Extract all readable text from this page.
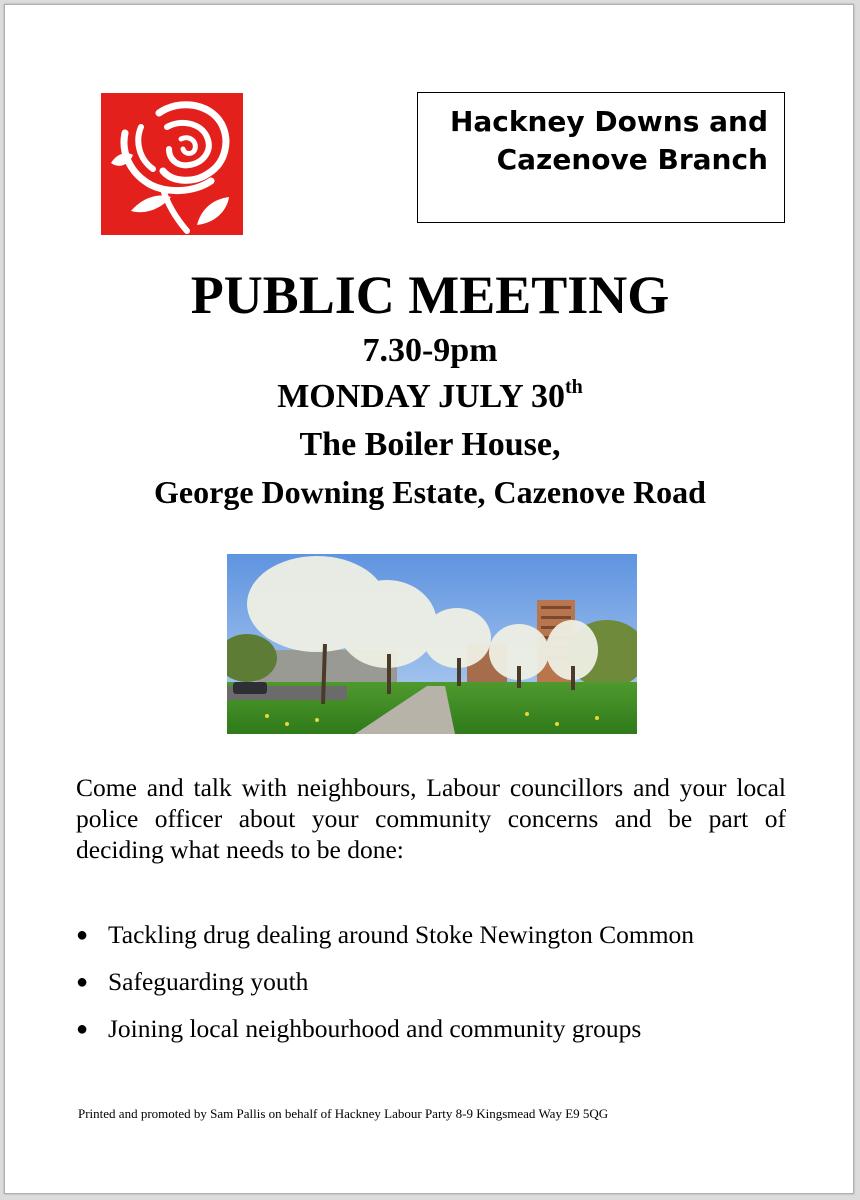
Hackney Downs and
Cazenove Branch
PUBLIC MEETING
7.30-9pm
MONDAY JULY 30th
The Boiler House,
George Downing Estate, Cazenove Road

Come and talk with neighbours, Labour councillors and your local police officer about your community concerns and be part of deciding what needs to be done:

● Tackling drug dealing around Stoke Newington Common
● Safeguarding youth
● Joining local neighbourhood and community groups
Printed and promoted by Sam Pallis on behalf of Hackney Labour Party 8-9 Kingsmead Way E9 5QG
